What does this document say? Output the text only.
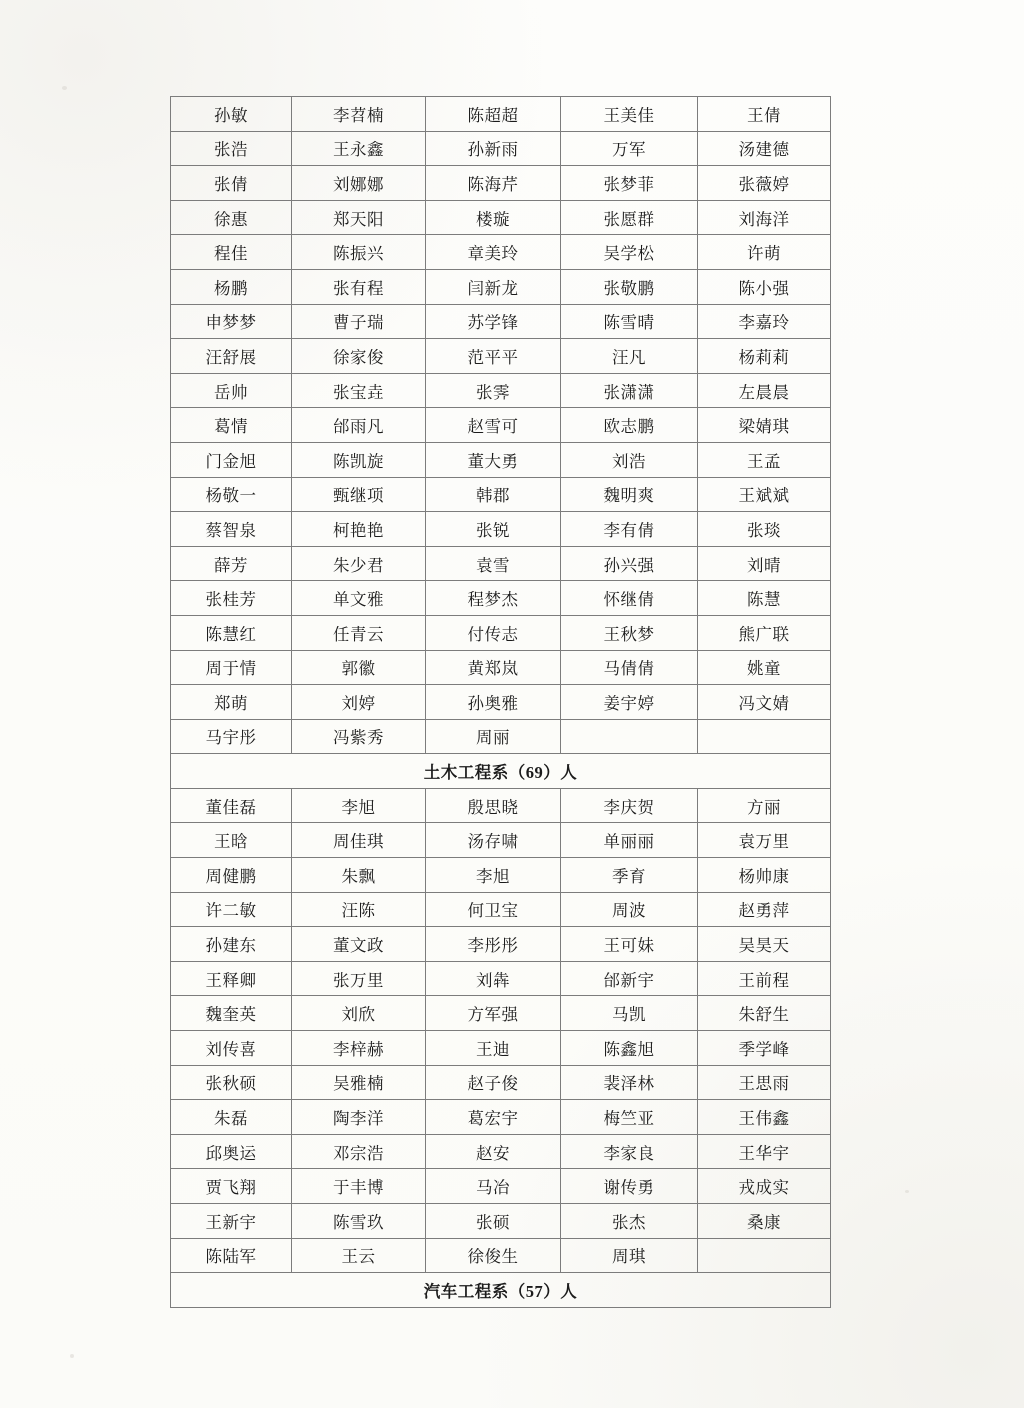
孙敏	李苕楠	陈超超	王美佳	王倩
张浩	王永鑫	孙新雨	万军	汤建德
张倩	刘娜娜	陈海芹	张梦菲	张薇婷
徐惠	郑天阳	楼璇	张愿群	刘海洋
程佳	陈振兴	章美玲	吴学松	许萌
杨鹏	张有程	闫新龙	张敬鹏	陈小强
申梦梦	曹子瑞	苏学锋	陈雪晴	李嘉玲
汪舒展	徐家俊	范平平	汪凡	杨莉莉
岳帅	张宝垚	张霁	张潇潇	左晨晨
葛情	邰雨凡	赵雪可	欧志鹏	梁婧琪
门金旭	陈凯旋	董大勇	刘浩	王孟
杨敬一	甄继项	韩郡	魏明爽	王斌斌
蔡智泉	柯艳艳	张锐	李有倩	张琰
薛芳	朱少君	袁雪	孙兴强	刘晴
张桂芳	单文雅	程梦杰	怀继倩	陈慧
陈慧红	任青云	付传志	王秋梦	熊广联
周于情	郭徽	黄郑岚	马倩倩	姚童
郑萌	刘婷	孙奥雅	姜宇婷	冯文婧
马宇彤	冯紫秀	周丽		
土木工程系（69）人				
董佳磊	李旭	殷思晓	李庆贺	方丽
王晗	周佳琪	汤存啸	单丽丽	袁万里
周健鹏	朱飘	李旭	季育	杨帅康
许二敏	汪陈	何卫宝	周波	赵勇萍
孙建东	董文政	李彤彤	王可妹	吴昊天
王释卿	张万里	刘犇	邰新宇	王前程
魏奎英	刘欣	方军强	马凯	朱舒生
刘传喜	李梓赫	王迪	陈鑫旭	季学峰
张秋硕	吴雅楠	赵子俊	裴泽林	王思雨
朱磊	陶李洋	葛宏宇	梅竺亚	王伟鑫
邱奥运	邓宗浩	赵安	李家良	王华宇
贾飞翔	于丰博	马冶	谢传勇	戎成实
王新宇	陈雪玖	张硕	张杰	桑康
陈陆军	王云	徐俊生	周琪	
汽车工程系（57）人				
